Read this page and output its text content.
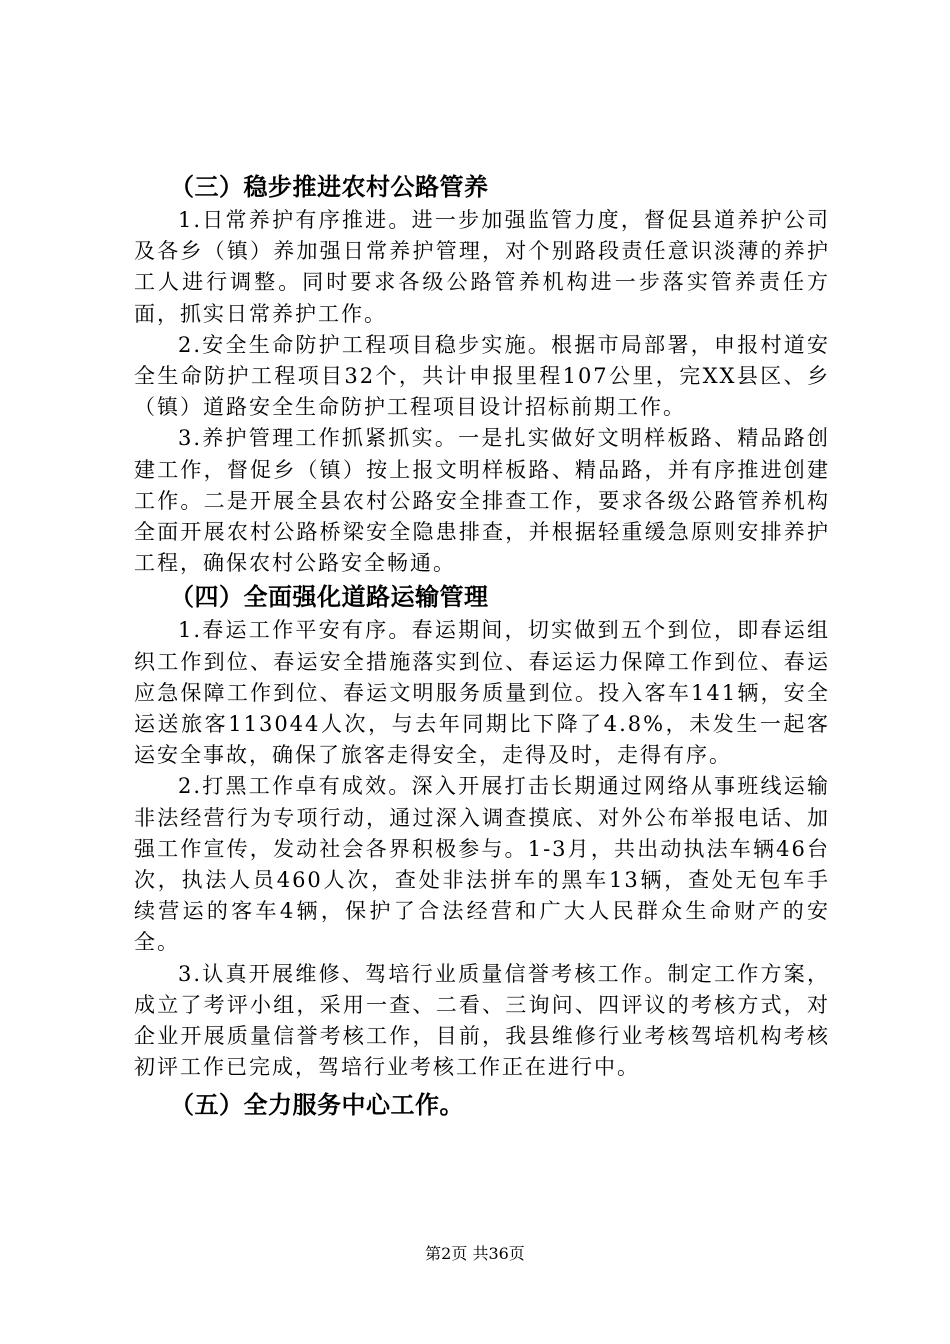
（三）稳步推进农村公路管养

1.日常养护有序推进。进一步加强监管力度，督促县道养护公司及各乡（镇）养加强日常养护管理，对个别路段责任意识淡薄的养护工人进行调整。同时要求各级公路管养机构进一步落实管养责任方面，抓实日常养护工作。

2.安全生命防护工程项目稳步实施。根据市局部署，申报村道安全生命防护工程项目32个，共计申报里程107公里，完XX县区、乡（镇）道路安全生命防护工程项目设计招标前期工作。

3.养护管理工作抓紧抓实。一是扎实做好文明样板路、精品路创建工作，督促乡（镇）按上报文明样板路、精品路，并有序推进创建工作。二是开展全县农村公路安全排查工作，要求各级公路管养机构全面开展农村公路桥梁安全隐患排查，并根据轻重缓急原则安排养护工程，确保农村公路安全畅通。

（四）全面强化道路运输管理

1.春运工作平安有序。春运期间，切实做到五个到位，即春运组织工作到位、春运安全措施落实到位、春运运力保障工作到位、春运应急保障工作到位、春运文明服务质量到位。投入客车141辆，安全运送旅客113044人次，与去年同期比下降了4.8%，未发生一起客运安全事故，确保了旅客走得安全，走得及时，走得有序。

2.打黑工作卓有成效。深入开展打击长期通过网络从事班线运输非法经营行为专项行动，通过深入调查摸底、对外公布举报电话、加强工作宣传，发动社会各界积极参与。1-3月，共出动执法车辆46台次，执法人员460人次，查处非法拼车的黑车13辆，查处无包车手续营运的客车4辆，保护了合法经营和广大人民群众生命财产的安全。

3.认真开展维修、驾培行业质量信誉考核工作。制定工作方案，成立了考评小组，采用一查、二看、三询问、四评议的考核方式，对企业开展质量信誉考核工作，目前，我县维修行业考核驾培机构考核初评工作已完成，驾培行业考核工作正在进行中。

（五）全力服务中心工作。
第2页 共36页
